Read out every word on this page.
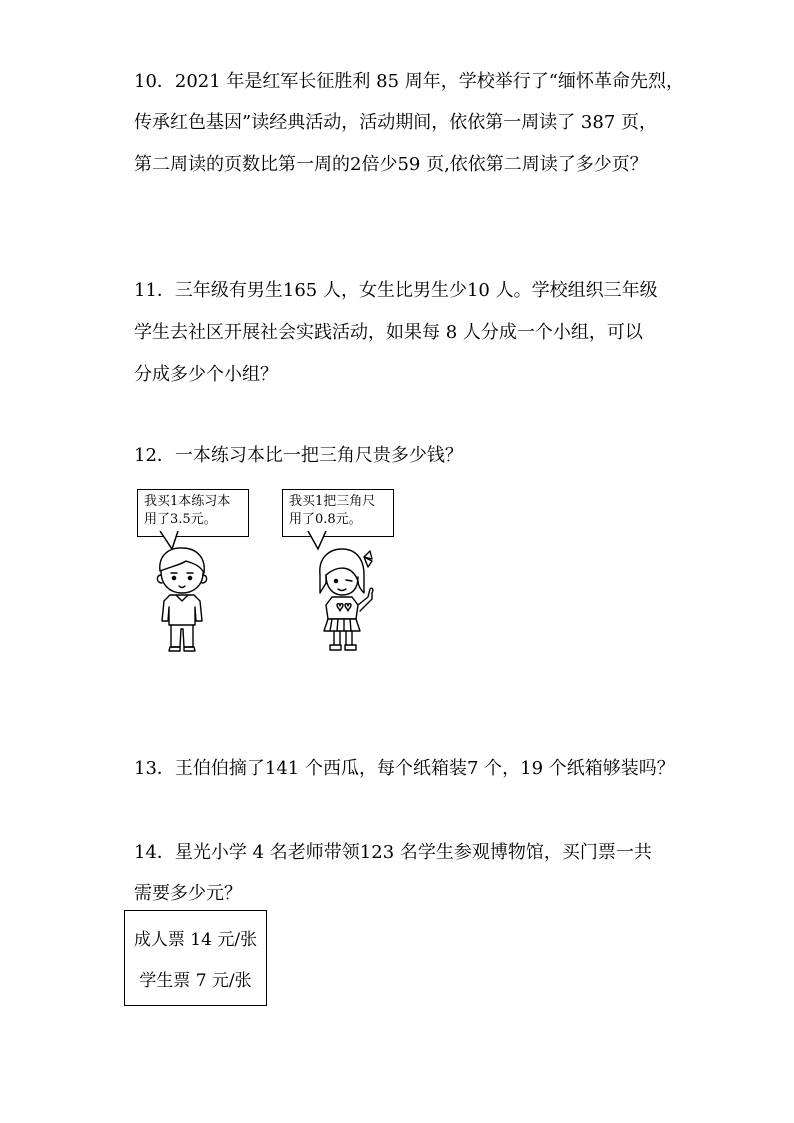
10．2021 年是红军长征胜利 85 周年，学校举行了“缅怀革命先烈，
传承红色基因”读经典活动，活动期间，依依第一周读了 387 页，
第二周读的页数比第一周的2倍少59 页,依依第二周读了多少页？
11．三年级有男生165 人，女生比男生少10 人。学校组织三年级
学生去社区开展社会实践活动，如果每 8 人分成一个小组，可以
分成多少个小组？
12．一本练习本比一把三角尺贵多少钱？
我买1本练习本
用了3.5元。
我买1把三角尺
用了0.8元。
13．王伯伯摘了141 个西瓜，每个纸箱装7 个，19 个纸箱够装吗？
14．星光小学 4 名老师带领123 名学生参观博物馆，买门票一共
需要多少元？
成人票 14 元/张
学生票 7 元/张
